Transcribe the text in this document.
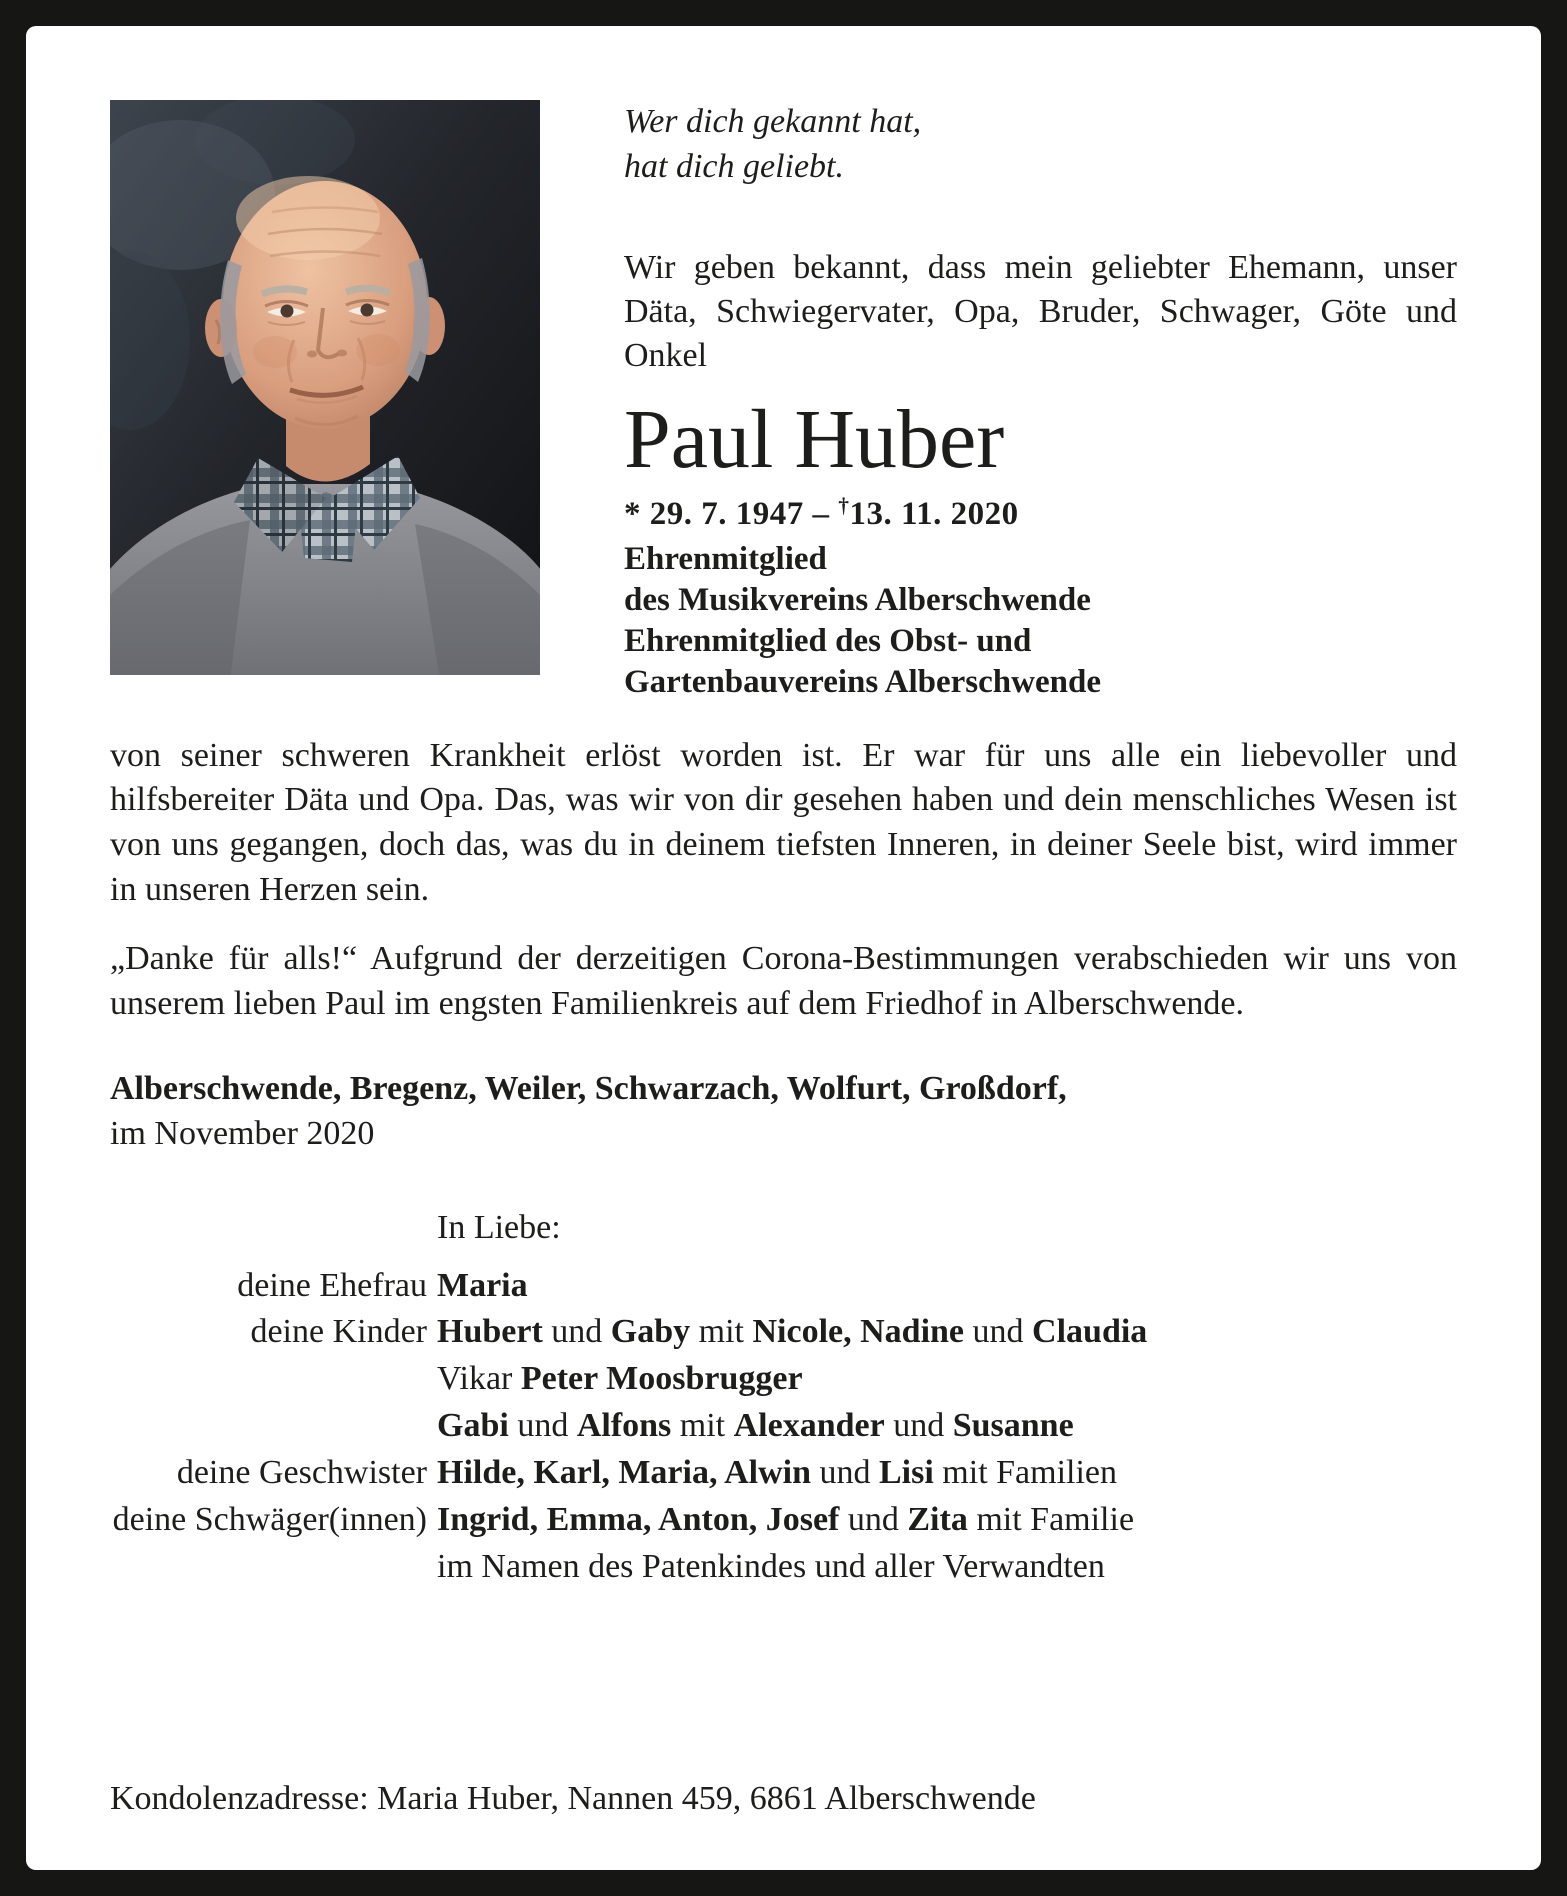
Wer dich gekannt hat,
hat dich geliebt.

Wir geben bekannt, dass mein geliebter Ehemann, unser Däta, Schwiegervater, Opa, Bruder, Schwager, Göte und Onkel

Paul Huber

* 29. 7. 1947 – †13. 11. 2020

Ehrenmitglied
des Musikvereins Alberschwende
Ehrenmitglied des Obst- und
Gartenbauvereins Alberschwende

von seiner schweren Krankheit erlöst worden ist. Er war für uns alle ein liebevoller und hilfsbereiter Däta und Opa. Das, was wir von dir gesehen haben und dein menschliches Wesen ist von uns gegangen, doch das, was du in deinem tiefsten Inneren, in deiner Seele bist, wird immer in unseren Herzen sein.

„Danke für alls!“ Aufgrund der derzeitigen Corona-Bestimmungen verabschieden wir uns von unserem lieben Paul im engsten Familienkreis auf dem Friedhof in Alberschwende.

Alberschwende, Bregenz, Weiler, Schwarzach, Wolfurt, Großdorf,
im November 2020

In Liebe:
deine Ehefrau Maria
deine Kinder Hubert und Gaby mit Nicole, Nadine und Claudia
Vikar Peter Moosbrugger
Gabi und Alfons mit Alexander und Susanne
deine Geschwister Hilde, Karl, Maria, Alwin und Lisi mit Familien
deine Schwäger(innen) Ingrid, Emma, Anton, Josef und Zita mit Familie
im Namen des Patenkindes und aller Verwandten

Kondolenzadresse: Maria Huber, Nannen 459, 6861 Alberschwende
